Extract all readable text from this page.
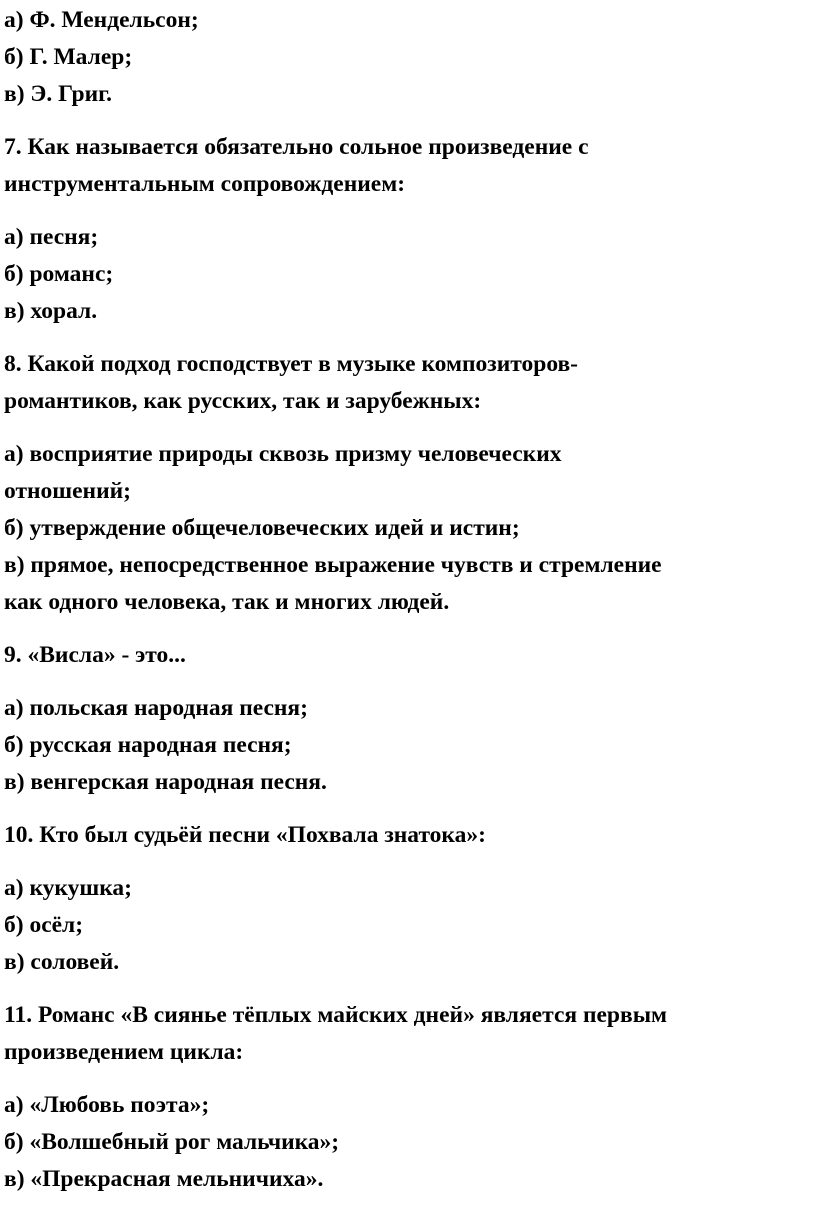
а) Ф. Мендельсон;
б) Г. Малер;
в) Э. Григ.
7. Как называется обязательно сольное произведение с
инструментальным сопровождением:
а) песня;
б) романс;
в) хорал.
8. Какой подход господствует в музыке композиторов-
романтиков, как русских, так и зарубежных:
а) восприятие природы сквозь призму человеческих
отношений;
б) утверждение общечеловеческих идей и истин;
в) прямое, непосредственное выражение чувств и стремление
как одного человека, так и многих людей.
9. «Висла» - это...
а) польская народная песня;
б) русская народная песня;
в) венгерская народная песня.
10. Кто был судьёй песни «Похвала знатока»:
а) кукушка;
б) осёл;
в) соловей.
11. Романс «В сиянье тёплых майских дней» является первым
произведением цикла:
а) «Любовь поэта»;
б) «Волшебный рог мальчика»;
в) «Прекрасная мельничиха».
